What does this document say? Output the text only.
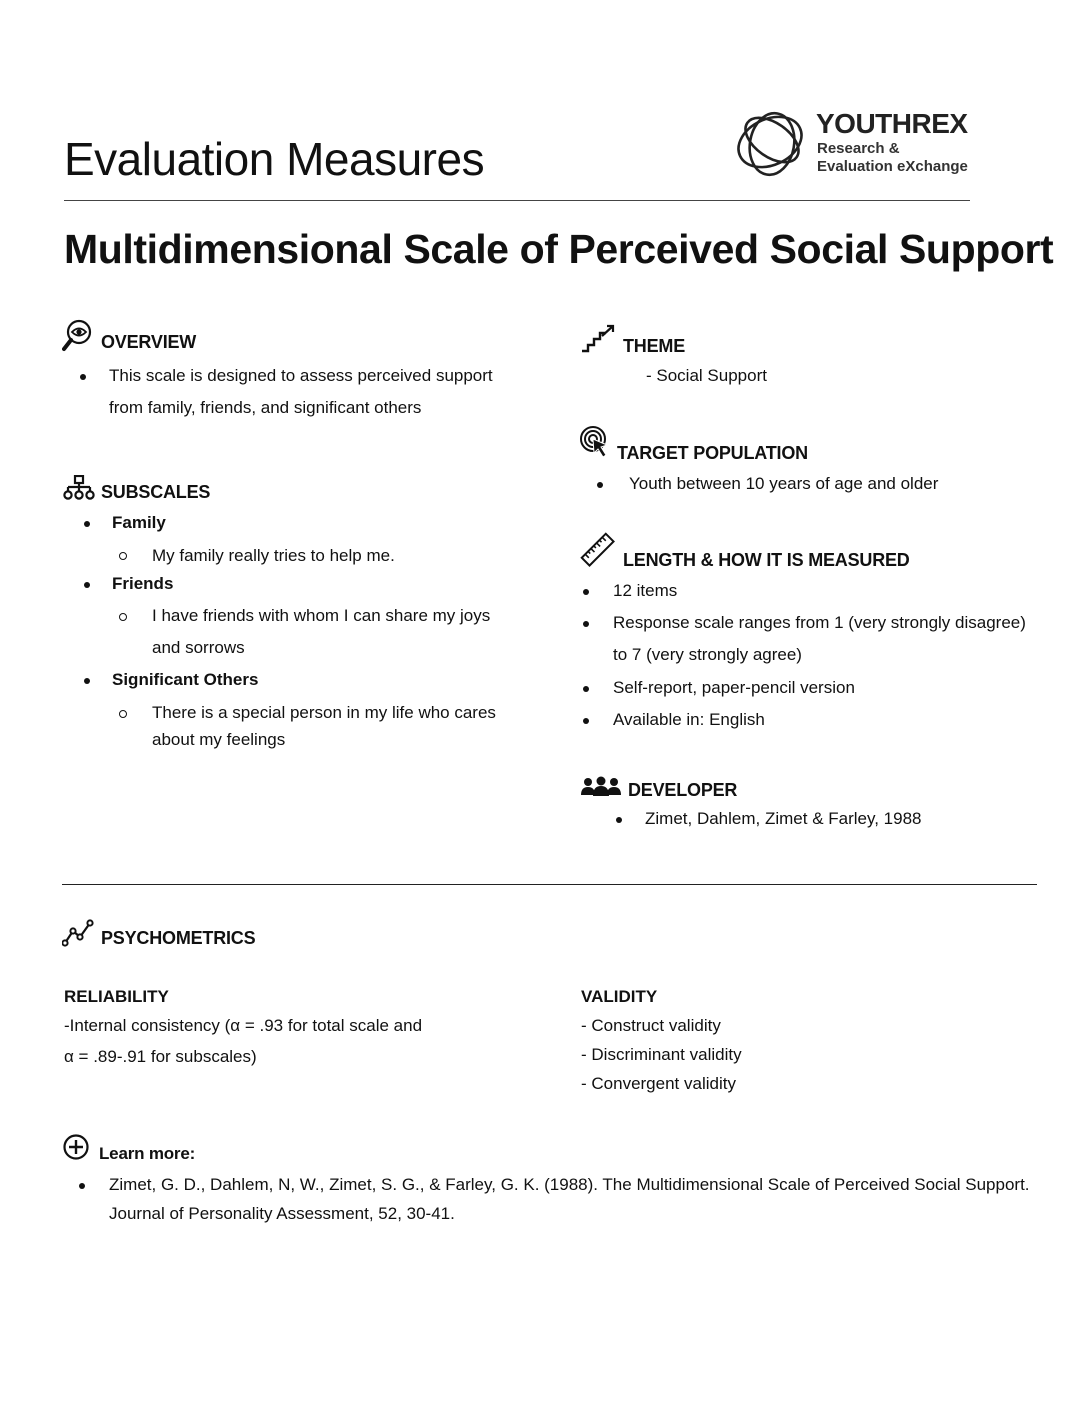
Evaluation Measures
YOUTHREX
Research &
Evaluation eXchange
Multidimensional Scale of Perceived Social Support
OVERVIEW
This scale is designed to assess perceived support
from family, friends, and significant others
SUBSCALES
Family
My family really tries to help me.
Friends
I have friends with whom I can share my joys
and sorrows
Significant Others
There is a special person in my life who cares
about my feelings
THEME
- Social Support
TARGET POPULATION
Youth between 10 years of age and older
LENGTH & HOW IT IS MEASURED
12 items
Response scale ranges from 1 (very strongly disagree)
to 7 (very strongly agree)
Self-report, paper-pencil version
Available in: English
DEVELOPER
Zimet, Dahlem, Zimet & Farley, 1988
PSYCHOMETRICS
RELIABILITY
-Internal consistency (α = .93 for total scale and
α = .89-.91 for subscales)
VALIDITY
- Construct validity
- Discriminant validity
- Convergent validity
Learn more:
Zimet, G. D., Dahlem, N, W., Zimet, S. G., & Farley, G. K. (1988). The Multidimensional Scale of Perceived Social Support.
Journal of Personality Assessment, 52, 30-41.
